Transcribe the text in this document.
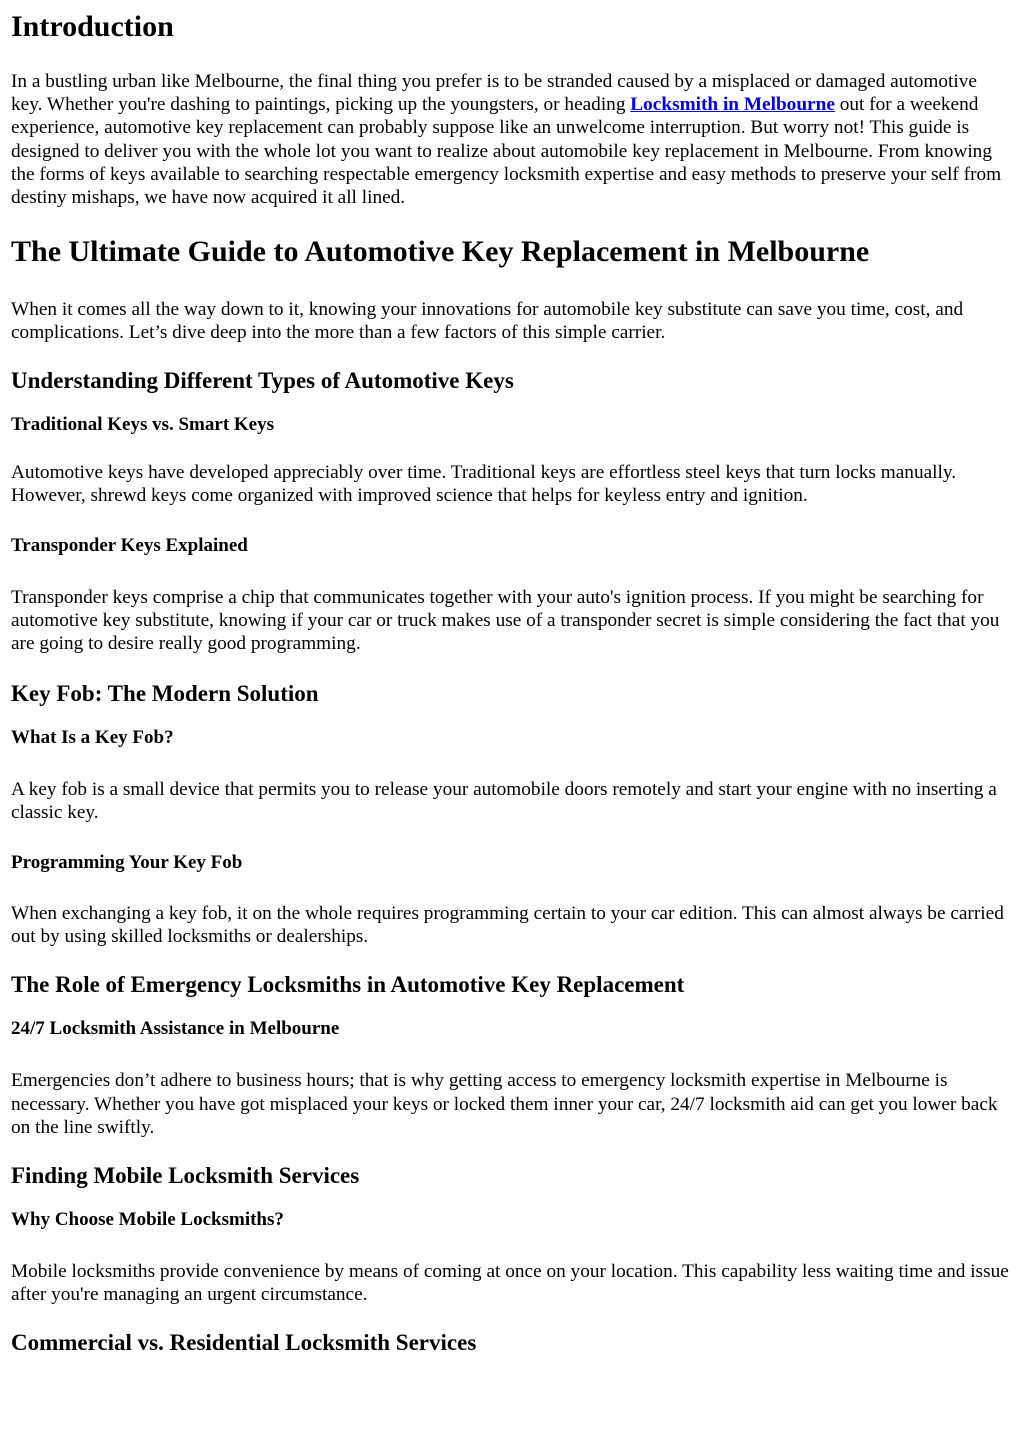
Introduction

In a bustling urban like Melbourne, the final thing you prefer is to be stranded caused by a misplaced or damaged automotive key. Whether you're dashing to paintings, picking up the youngsters, or heading Locksmith in Melbourne out for a weekend experience, automotive key replacement can probably suppose like an unwelcome interruption. But worry not! This guide is designed to deliver you with the whole lot you want to realize about automobile key replacement in Melbourne. From knowing the forms of keys available to searching respectable emergency locksmith expertise and easy methods to preserve your self from destiny mishaps, we have now acquired it all lined.

The Ultimate Guide to Automotive Key Replacement in Melbourne

When it comes all the way down to it, knowing your innovations for automobile key substitute can save you time, cost, and complications. Let’s dive deep into the more than a few factors of this simple carrier.

Understanding Different Types of Automotive Keys
Traditional Keys vs. Smart Keys

Automotive keys have developed appreciably over time. Traditional keys are effortless steel keys that turn locks manually. However, shrewd keys come organized with improved science that helps for keyless entry and ignition.

Transponder Keys Explained

Transponder keys comprise a chip that communicates together with your auto's ignition process. If you might be searching for automotive key substitute, knowing if your car or truck makes use of a transponder secret is simple considering the fact that you are going to desire really good programming.

Key Fob: The Modern Solution
What Is a Key Fob?

A key fob is a small device that permits you to release your automobile doors remotely and start your engine with no inserting a classic key.

Programming Your Key Fob

When exchanging a key fob, it on the whole requires programming certain to your car edition. This can almost always be carried out by using skilled locksmiths or dealerships.

The Role of Emergency Locksmiths in Automotive Key Replacement
24/7 Locksmith Assistance in Melbourne

Emergencies don’t adhere to business hours; that is why getting access to emergency locksmith expertise in Melbourne is necessary. Whether you have got misplaced your keys or locked them inner your car, 24/7 locksmith aid can get you lower back on the line swiftly.

Finding Mobile Locksmith Services
Why Choose Mobile Locksmiths?

Mobile locksmiths provide convenience by means of coming at once on your location. This capability less waiting time and issue after you're managing an urgent circumstance.

Commercial vs. Residential Locksmith Services
